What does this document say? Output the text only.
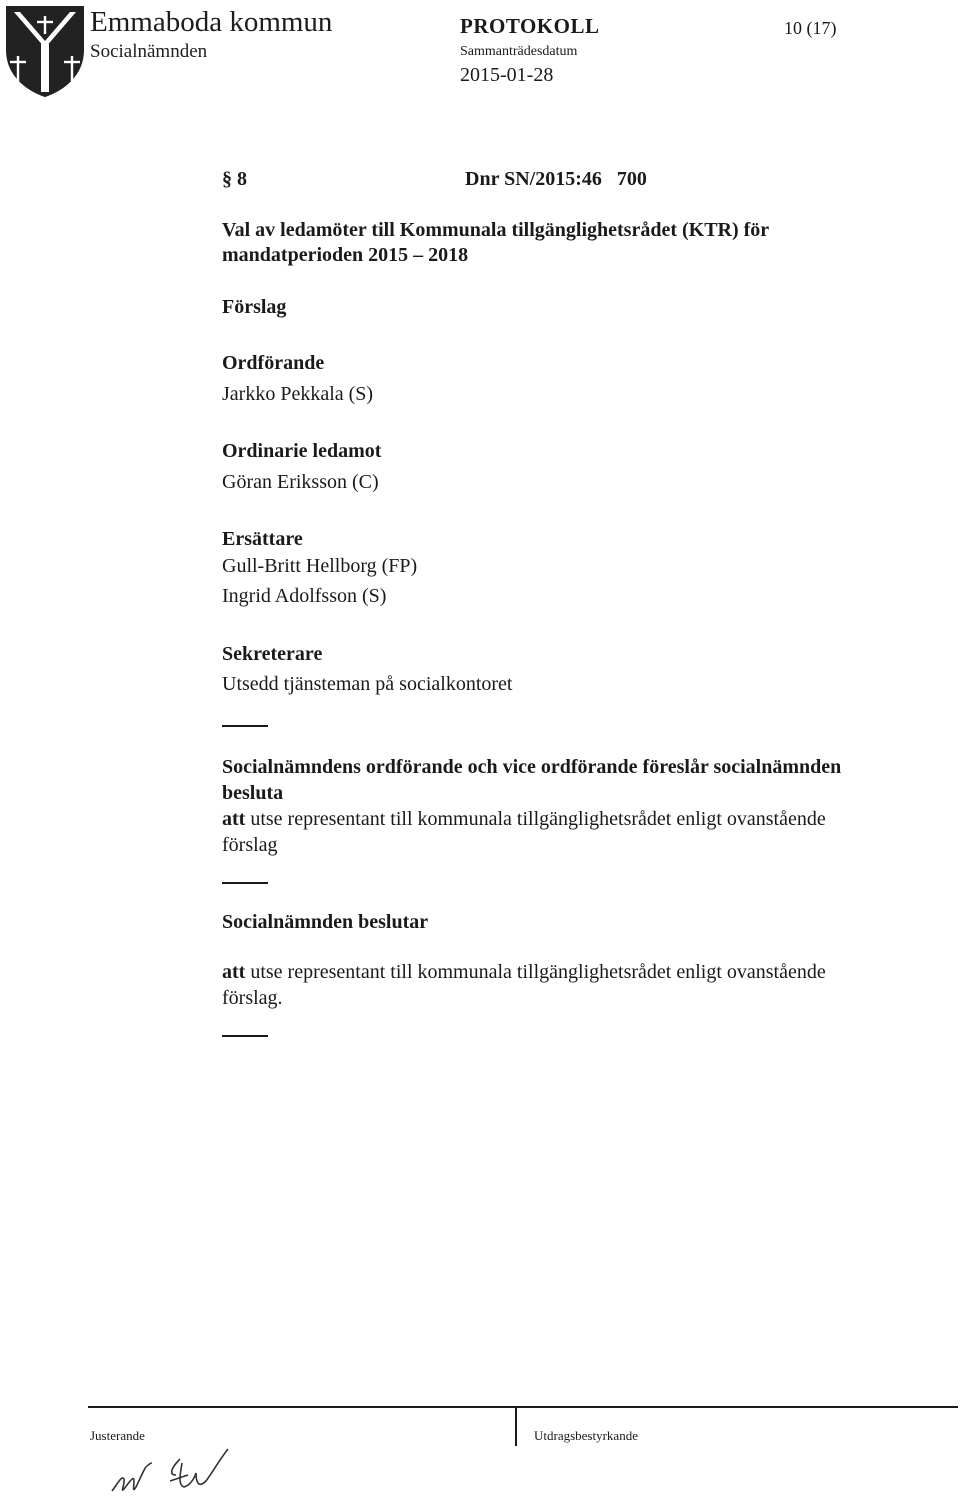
Emmaboda kommun
Socialnämnden
PROTOKOLL
Sammanträdesdatum
2015-01-28
10 (17)
§ 8	Dnr SN/2015:46   700
Val av ledamöter till Kommunala tillgänglighetsrådet (KTR) för
mandatperioden 2015 – 2018
Förslag
Ordförande
Jarkko Pekkala (S)
Ordinarie ledamot
Göran Eriksson (C)
Ersättare
Gull-Britt Hellborg (FP)
Ingrid Adolfsson (S)
Sekreterare
Utsedd tjänsteman på socialkontoret
Socialnämndens ordförande och vice ordförande föreslår socialnämnden
besluta
att utse representant till kommunala tillgänglighetsrådet enligt ovanstående
förslag
Socialnämnden beslutar
att utse representant till kommunala tillgänglighetsrådet enligt ovanstående
förslag.
Justerande	Utdragsbestyrkande
